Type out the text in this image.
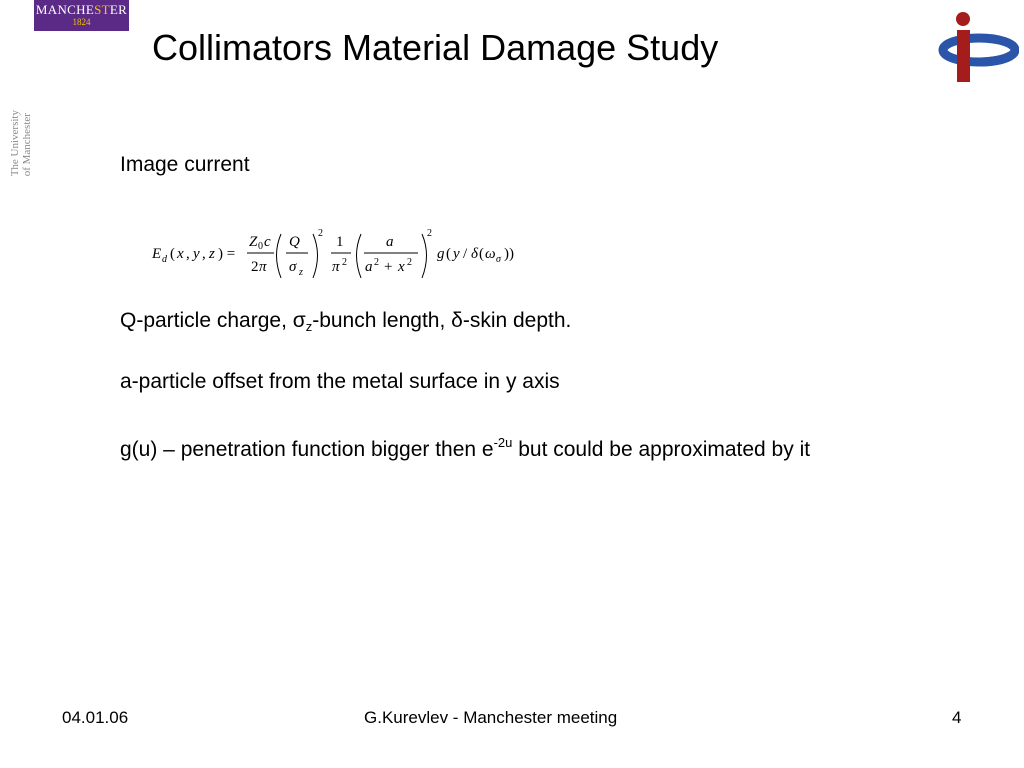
MANCHESTER
1824
The University of Manchester
Collimators Material Damage Study

Image current

E d ( x , y , z ) =
Z 0 c
2 π
Q
σ z
2
1
π 2
a
a 2 + x 2
2
g ( y / δ ( ω σ ))

Q-particle charge, $\sigma_z$-bunch length, δ-skin depth.

a-particle offset from the metal surface in y axis

g(u) – penetration function bigger then $e^{-2u}$ but could be approximated by it

04.01.06	G.Kurevlev - Manchester meeting	4
